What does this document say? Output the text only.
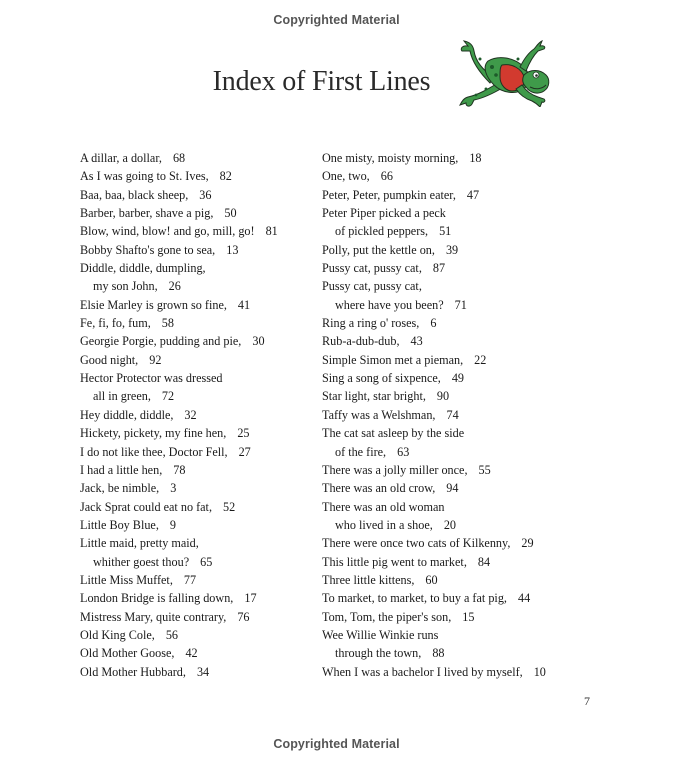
Copyrighted Material
Index of First Lines
A dillar, a dollar, 68
As I was going to St. Ives, 82
Baa, baa, black sheep, 36
Barber, barber, shave a pig, 50
Blow, wind, blow! and go, mill, go! 81
Bobby Shafto's gone to sea, 13
Diddle, diddle, dumpling,
my son John, 26
Elsie Marley is grown so fine, 41
Fe, fi, fo, fum, 58
Georgie Porgie, pudding and pie, 30
Good night, 92
Hector Protector was dressed
all in green, 72
Hey diddle, diddle, 32
Hickety, pickety, my fine hen, 25
I do not like thee, Doctor Fell, 27
I had a little hen, 78
Jack, be nimble, 3
Jack Sprat could eat no fat, 52
Little Boy Blue, 9
Little maid, pretty maid,
whither goest thou? 65
Little Miss Muffet, 77
London Bridge is falling down, 17
Mistress Mary, quite contrary, 76
Old King Cole, 56
Old Mother Goose, 42
Old Mother Hubbard, 34
One misty, moisty morning, 18
One, two, 66
Peter, Peter, pumpkin eater, 47
Peter Piper picked a peck
of pickled peppers, 51
Polly, put the kettle on, 39
Pussy cat, pussy cat, 87
Pussy cat, pussy cat,
where have you been? 71
Ring a ring o' roses, 6
Rub-a-dub-dub, 43
Simple Simon met a pieman, 22
Sing a song of sixpence, 49
Star light, star bright, 90
Taffy was a Welshman, 74
The cat sat asleep by the side
of the fire, 63
There was a jolly miller once, 55
There was an old crow, 94
There was an old woman
who lived in a shoe, 20
There were once two cats of Kilkenny, 29
This little pig went to market, 84
Three little kittens, 60
To market, to market, to buy a fat pig, 44
Tom, Tom, the piper's son, 15
Wee Willie Winkie runs
through the town, 88
When I was a bachelor I lived by myself, 10
7
Copyrighted Material
